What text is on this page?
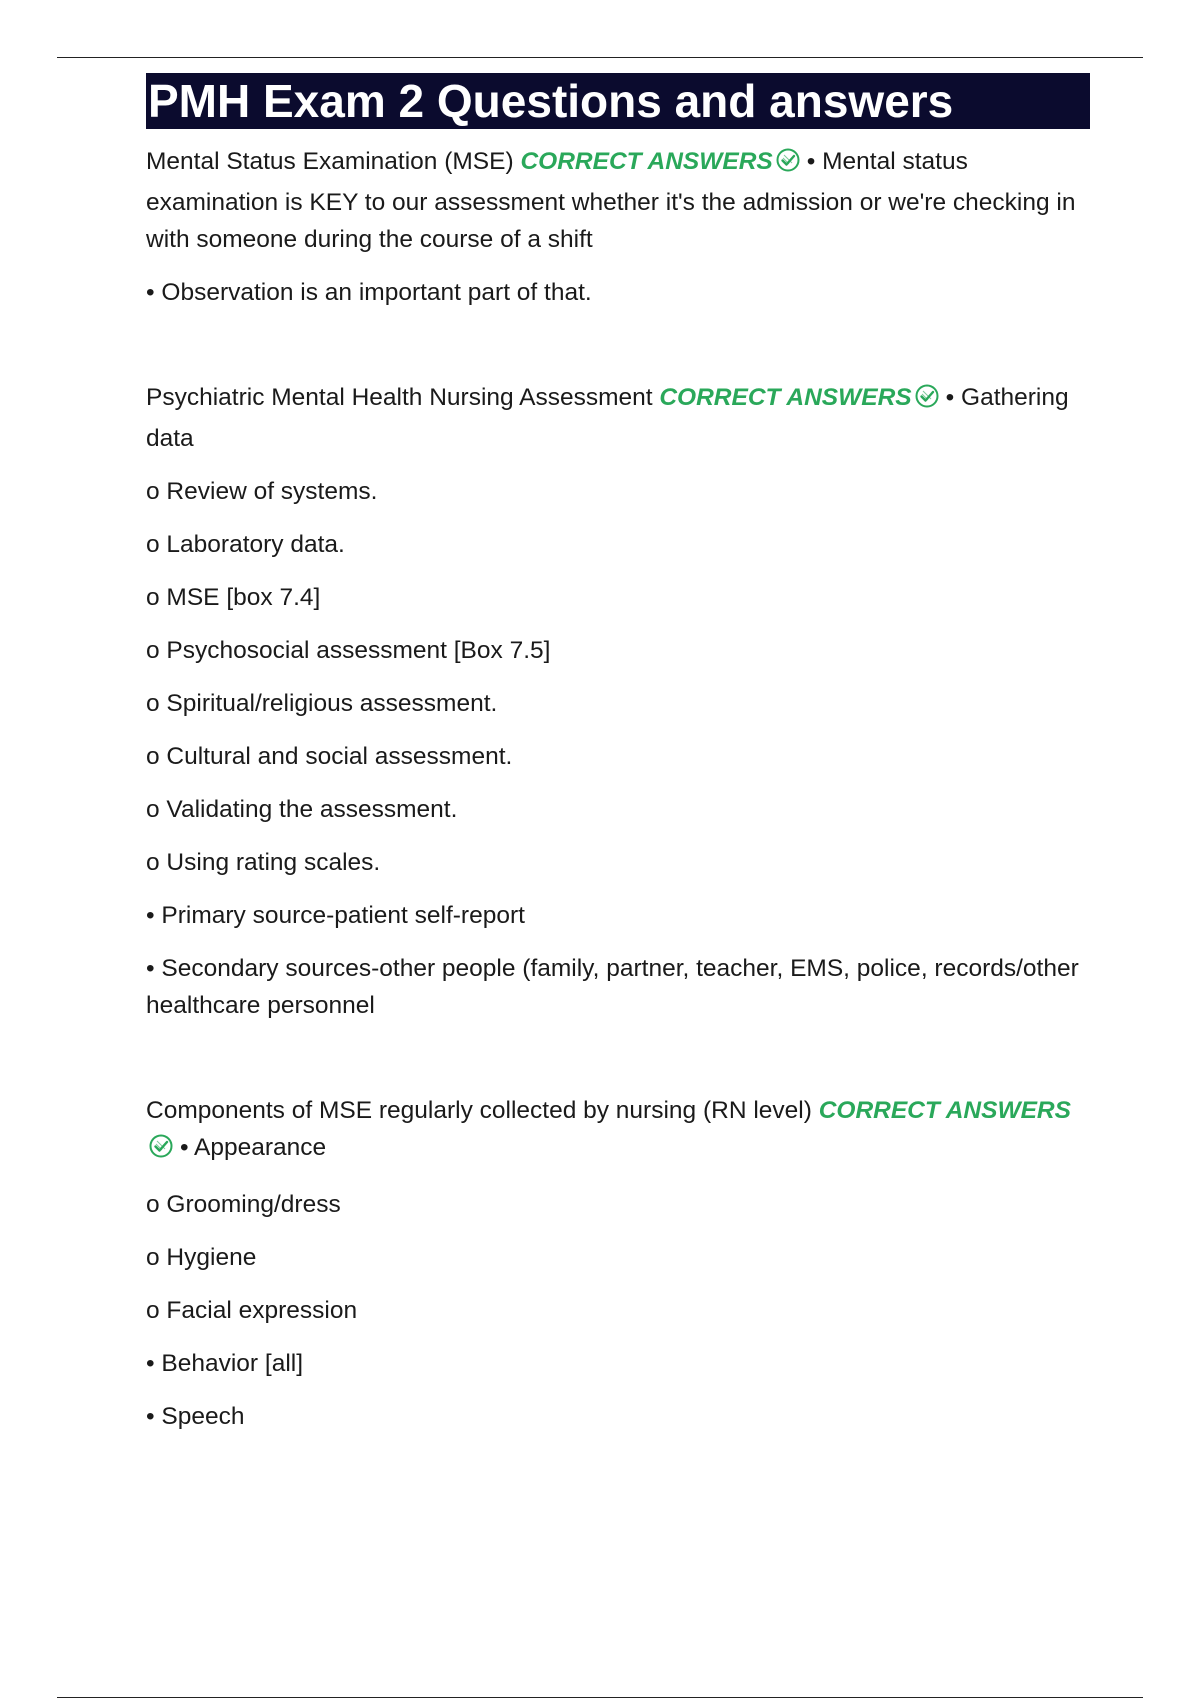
PMH Exam 2 Questions and answers

Mental Status Examination (MSE) CORRECT ANSWERS • Mental status examination is KEY to our assessment whether it's the admission or we're checking in with someone during the course of a shift

• Observation is an important part of that.

Psychiatric Mental Health Nursing Assessment CORRECT ANSWERS • Gathering data

o Review of systems.

o Laboratory data.

o MSE [box 7.4]

o Psychosocial assessment [Box 7.5]

o Spiritual/religious assessment.

o Cultural and social assessment.

o Validating the assessment.

o Using rating scales.

• Primary source-patient self-report

• Secondary sources-other people (family, partner, teacher, EMS, police, records/other healthcare personnel

Components of MSE regularly collected by nursing (RN level) CORRECT ANSWERS• Appearance

o Grooming/dress

o Hygiene

o Facial expression

• Behavior [all]

• Speech
